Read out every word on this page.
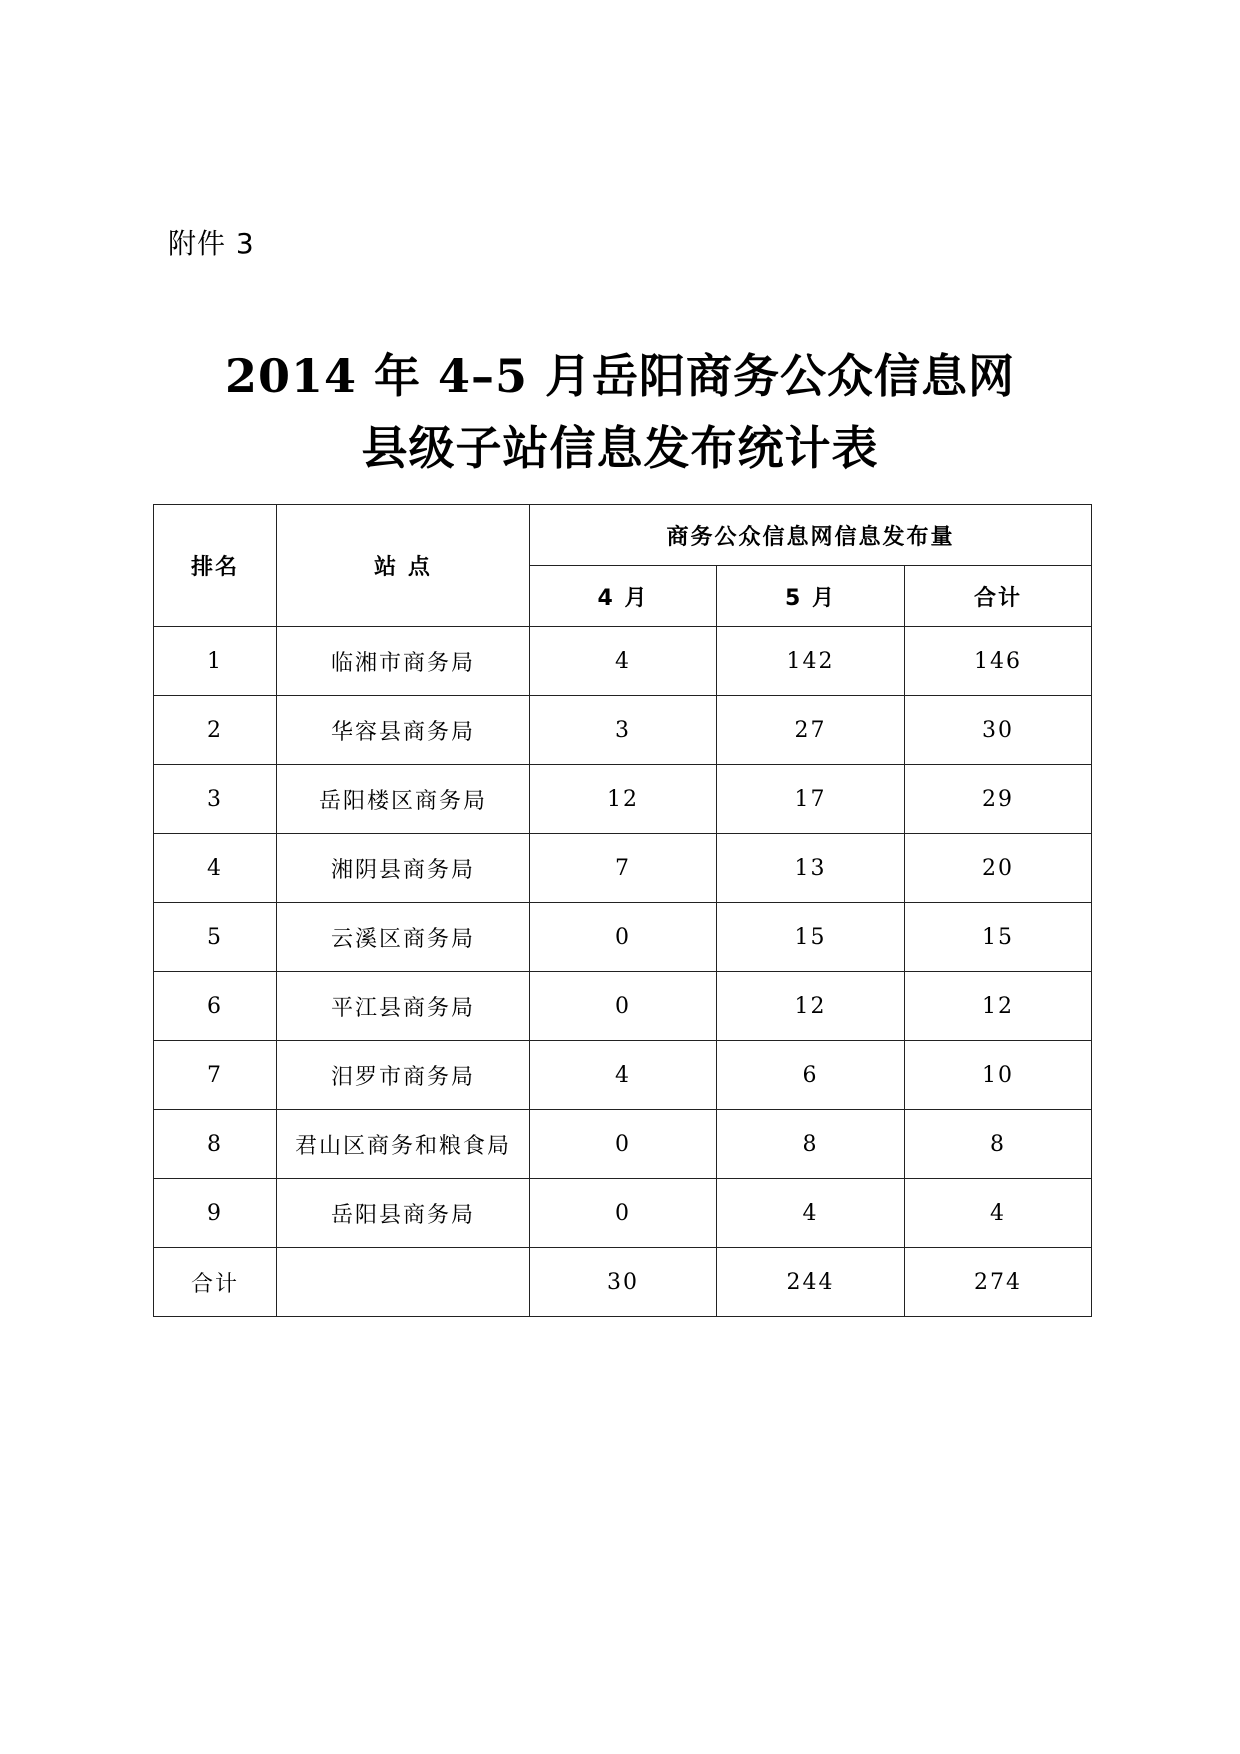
附件 3
2014 年 4–5 月岳阳商务公众信息网
县级子站信息发布统计表
排名	站 点	商务公众信息网信息发布量		
		4 月	5 月	合计
1	临湘市商务局	4	142	146
2	华容县商务局	3	27	30
3	岳阳楼区商务局	12	17	29
4	湘阴县商务局	7	13	20
5	云溪区商务局	0	15	15
6	平江县商务局	0	12	12
7	汨罗市商务局	4	6	10
8	君山区商务和粮食局	0	8	8
9	岳阳县商务局	0	4	4
合计		30	244	274
